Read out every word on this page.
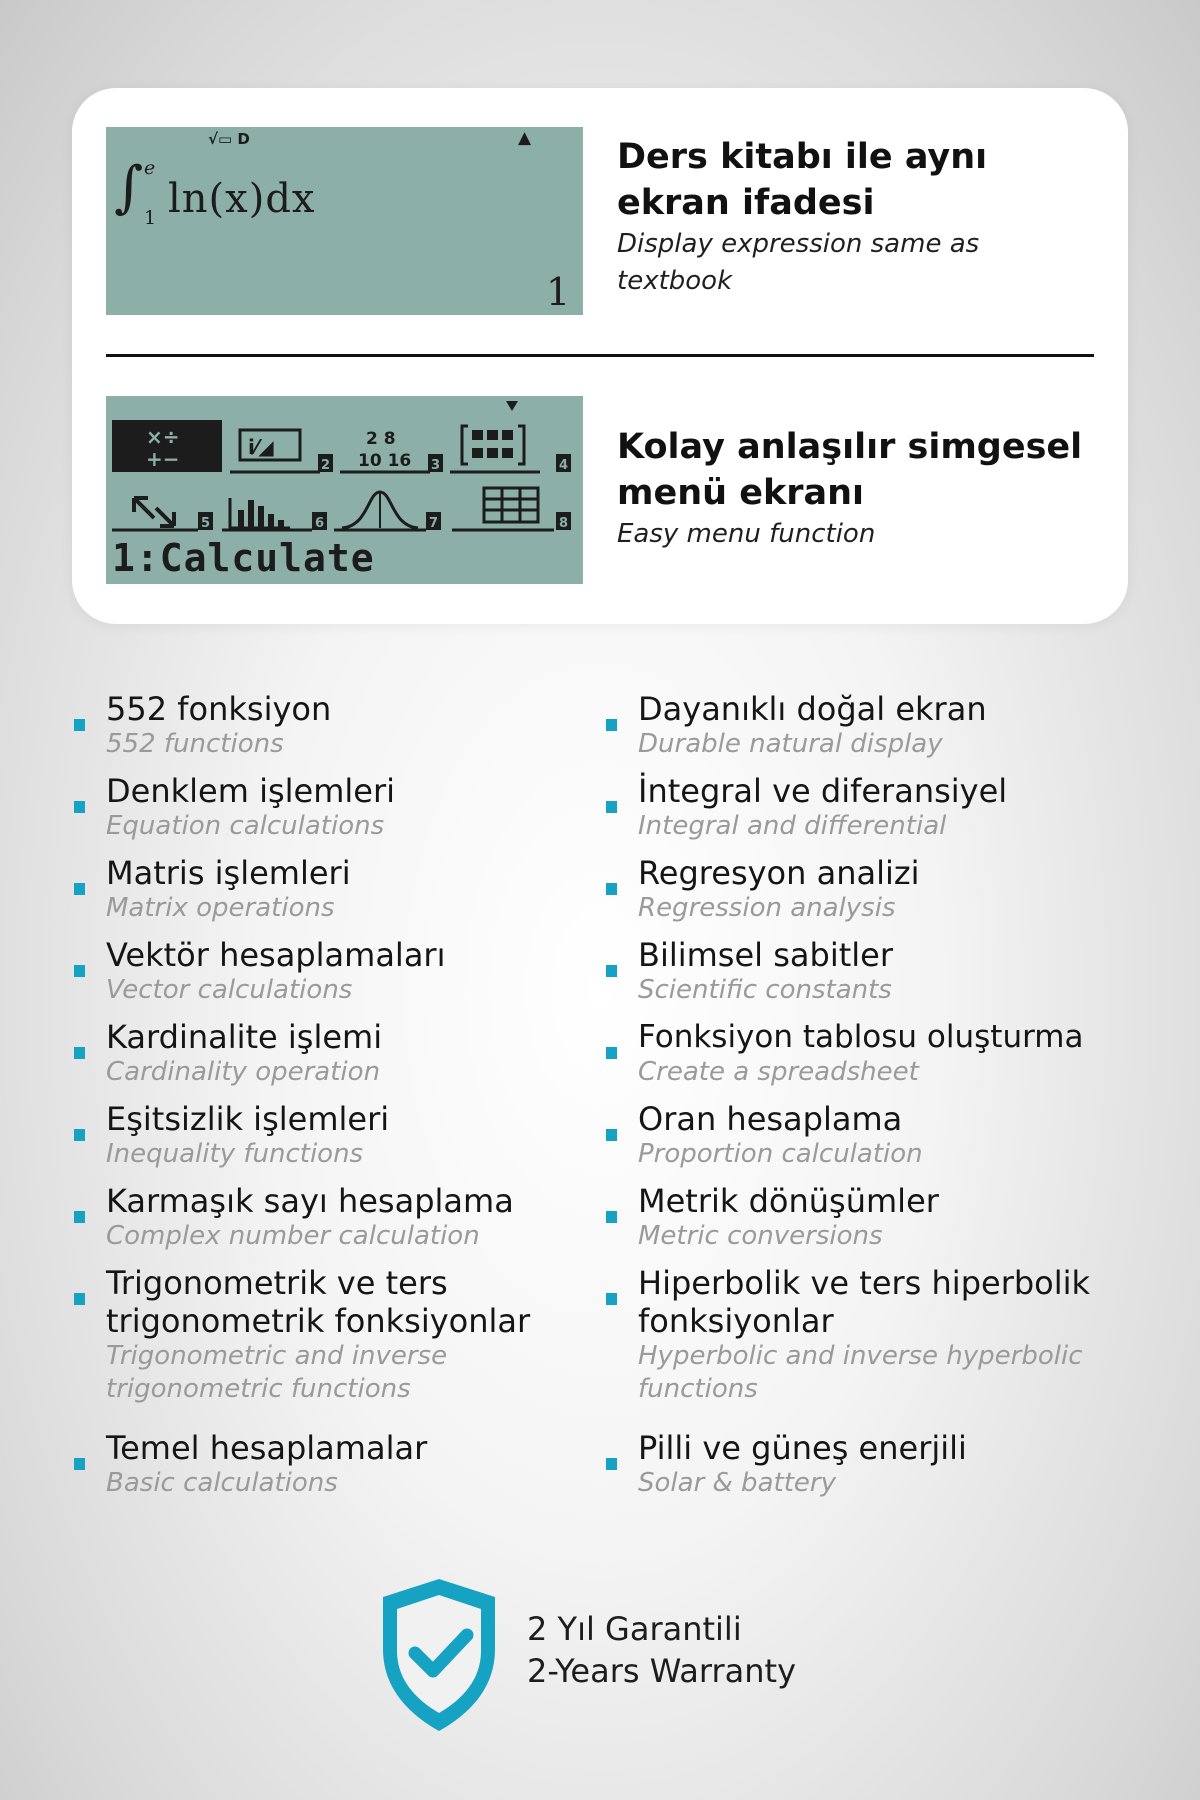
√▭ D	▲
∫ e
1 ln(x)dx
1
×÷
+−	i⁄◢	2 8
10 16
1	2	3	4
5	6	7	8
1:Calculate
Ders kitabı ile aynı ekran ifadesi
Display expression same as textbook
Kolay anlaşılır simgesel menü ekranı
Easy menu function
552 fonksiyon
552 functions
Denklem işlemleri
Equation calculations
Matris işlemleri
Matrix operations
Vektör hesaplamaları
Vector calculations
Kardinalite işlemi
Cardinality operation
Eşitsizlik işlemleri
Inequality functions
Karmaşık sayı hesaplama
Complex number calculation
Trigonometrik ve ters
trigonometrik fonksiyonlar
Trigonometric and inverse
trigonometric functions
Temel hesaplamalar
Basic calculations
Dayanıklı doğal ekran
Durable natural display
İntegral ve diferansiyel
Integral and differential
Regresyon analizi
Regression analysis
Bilimsel sabitler
Scientific constants
Fonksiyon tablosu oluşturma
Create a spreadsheet
Oran hesaplama
Proportion calculation
Metrik dönüşümler
Metric conversions
Hiperbolik ve ters hiperbolik
fonksiyonlar
Hyperbolic and inverse hyperbolic
functions
Pilli ve güneş enerjili
Solar & battery
2 Yıl Garantili
2-Years Warranty
